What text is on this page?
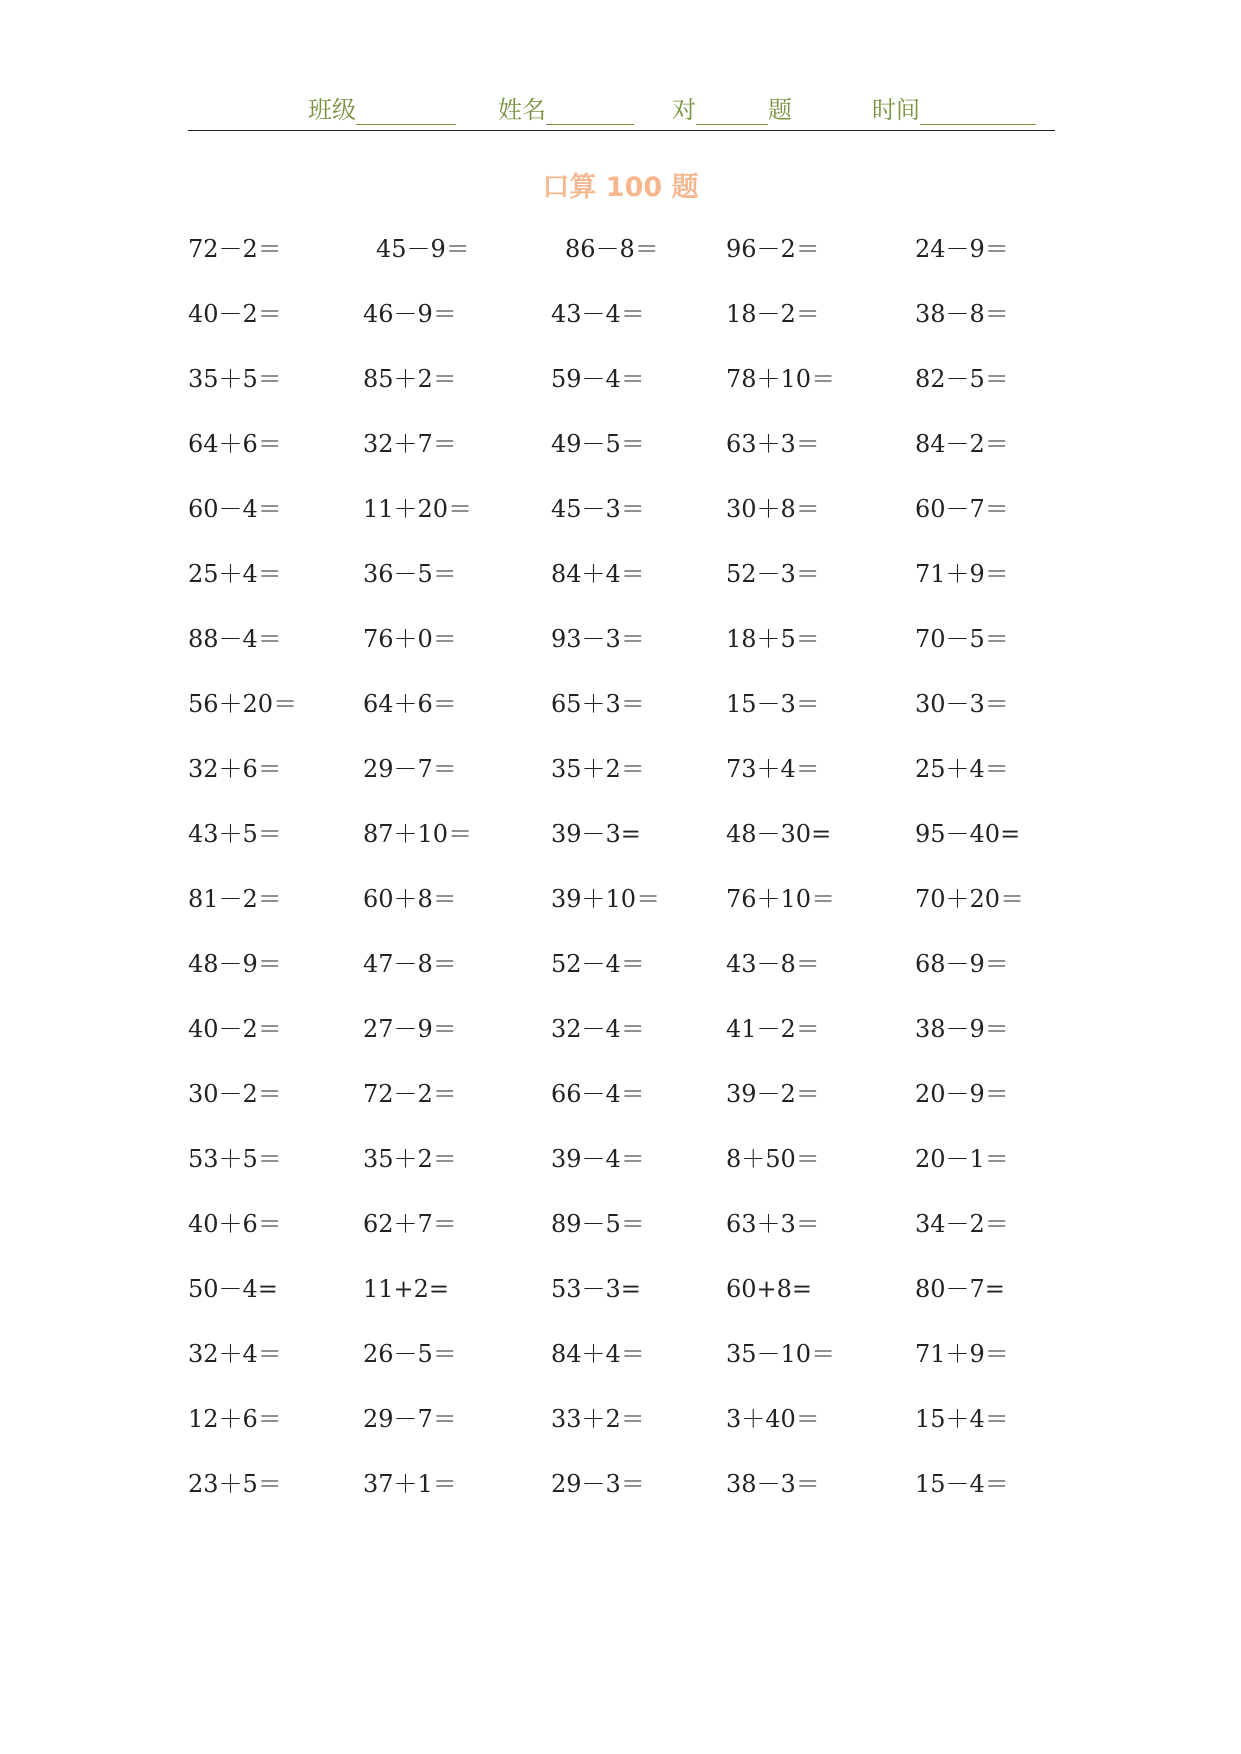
班级	姓名	对	题	时间
口算 100 题
72－2＝	45－9＝	86－8＝	96－2＝	24－9＝
40－2＝	46－9＝	43－4＝	18－2＝	38－8＝
35＋5＝	85＋2＝	59－4＝	78＋10＝	82－5＝
64＋6＝	32＋7＝	49－5＝	63＋3＝	84－2＝
60－4＝	11＋20＝	45－3＝	30＋8＝	60－7＝
25＋4＝	36－5＝	84＋4＝	52－3＝	71＋9＝
88－4＝	76＋0＝	93－3＝	18＋5＝	70－5＝
56＋20＝	64＋6＝	65＋3＝	15－3＝	30－3＝
32＋6＝	29－7＝	35＋2＝	73＋4＝	25＋4＝
43＋5＝	87＋10＝	39－3=	48－30=	95－40=
81－2＝	60＋8＝	39＋10＝	76＋10＝	70＋20＝
48－9＝	47－8＝	52－4＝	43－8＝	68－9＝
40－2＝	27－9＝	32－4＝	41－2＝	38－9＝
30－2＝	72－2＝	66－4＝	39－2＝	20－9＝
53＋5＝	35＋2＝	39－4＝	8＋50＝	20－1＝
40＋6＝	62＋7＝	89－5＝	63＋3＝	34－2＝
50－4=	11+2=	53－3=	60+8=	80－7=
32＋4＝	26－5＝	84＋4＝	35－10＝	71＋9＝
12＋6＝	29－7＝	33＋2＝	3＋40＝	15＋4＝
23＋5＝	37＋1＝	29－3＝	38－3＝	15－4＝
